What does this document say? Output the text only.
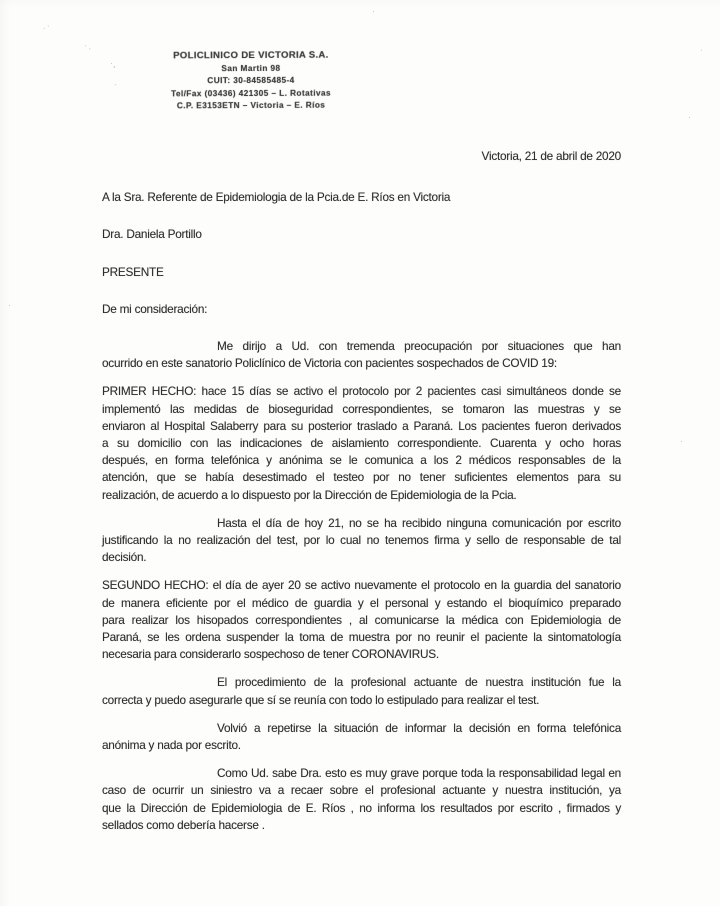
ˏ·
·ˏ
·¸
ˏ
·
ˈ
·
·
·
POLICLINICO DE VICTORIA S.A.
San Martin 98
CUIT: 30-84585485-4
Tel/Fax (03436) 421305 – L. Rotativas
C.P. E3153ETN – Victoria – E. Ríos
Victoria, 21 de abril de 2020
A la Sra. Referente de Epidemiologia de la Pcia.de E. Ríos en Victoria
Dra. Daniela Portillo
PRESENTE
De mi consideración:
Me dirijo a Ud. con tremenda preocupación por situaciones que han
ocurrido en este sanatorio Policlínico de Victoria con pacientes sospechados de COVID 19:
PRIMER HECHO: hace 15 días se activo el protocolo por 2 pacientes casi simultáneos donde se
implementó las medidas de bioseguridad correspondientes, se tomaron las muestras y se
enviaron al Hospital Salaberry para su posterior traslado a Paraná. Los pacientes fueron derivados
a su domicilio con las indicaciones de aislamiento correspondiente. Cuarenta y ocho horas
después, en forma telefónica y anónima se le comunica a los 2 médicos responsables de la
atención, que se había desestimado el testeo por no tener suficientes elementos para su
realización, de acuerdo a lo dispuesto por la Dirección de Epidemiologia de la Pcia.
Hasta el día de hoy 21, no se ha recibido ninguna comunicación por escrito
justificando la no realización del test, por lo cual no tenemos firma y sello de responsable de tal
decisión.
SEGUNDO HECHO: el día de ayer 20 se activo nuevamente el protocolo en la guardia del sanatorio
de manera eficiente por el médico de guardia y el personal y estando el bioquímico preparado
para realizar los hisopados correspondientes , al comunicarse la médica con Epidemiologia de
Paraná, se les ordena suspender la toma de muestra por no reunir el paciente la sintomatología
necesaria para considerarlo sospechoso de tener CORONAVIRUS.
El procedimiento de la profesional actuante de nuestra institución fue la
correcta y puedo asegurarle que sí se reunía con todo lo estipulado para realizar el test.
Volvió a repetirse la situación de informar la decisión en forma telefónica
anónima y nada por escrito.
Como Ud. sabe Dra. esto es muy grave porque toda la responsabilidad legal en
caso de ocurrir un siniestro va a recaer sobre el profesional actuante y nuestra institución, ya
que la Dirección de Epidemiologia de E. Ríos , no informa los resultados por escrito , firmados y
sellados como debería hacerse .
